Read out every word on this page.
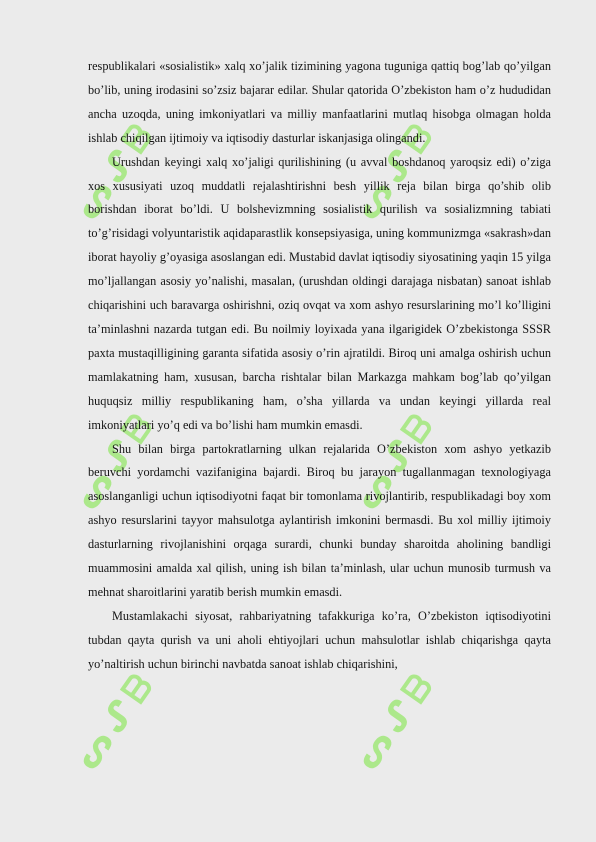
ᔕᔑᗷ	ᔕᔑᗷ
ᔕᔑᗷ	ᔕᔑᗷ
ᔕᔑᗷ	ᔕᔑᗷ

respublikalari «sosialistik» xalq xo’jalik tizimining yagona tuguniga qattiq bog’lab qo’yilgan bo’lib, uning irodasini so’zsiz bajarar edilar. Shular qatorida O’zbekiston ham o’z hududidan ancha uzoqda, uning imkoniyatlari va milliy manfaatlarini mutlaq hisobga olmagan holda ishlab chiqilgan ijtimoiy va iqtisodiy dasturlar iskanjasiga olingandi.

Urushdan keyingi xalq xo’jaligi qurilishining (u avval boshdanoq yaroqsiz edi) o’ziga xos xususiyati uzoq muddatli rejalashtirishni besh yillik reja bilan birga qo’shib olib borishdan iborat bo’ldi. U bolshevizmning sosialistik qurilish va sosializmning tabiati to’g’risidagi volyuntaristik aqidaparastlik konsepsiyasiga, uning kommunizmga «sakrash»dan iborat hayoliy g’oyasiga asoslangan edi. Mustabid davlat iqtisodiy siyosatining yaqin 15 yilga mo’ljallangan asosiy yo’nalishi, masalan, (urushdan oldingi darajaga nisbatan) sanoat ishlab chiqarishini uch baravarga oshirishni, oziq ovqat va xom ashyo resurslarining mo’l ko’lligini ta’minlashni nazarda tutgan edi. Bu noilmiy loyixada yana ilgarigidek O’zbekistonga SSSR paxta mustaqilligining garanta sifatida asosiy o’rin ajratildi. Biroq uni amalga oshirish uchun mamlakatning ham, xususan, barcha rishtalar bilan Markazga mahkam bog’lab qo’yilgan huquqsiz milliy respublikaning ham, o’sha yillarda va undan keyingi yillarda real imkoniyatlari yo’q edi va bo’lishi ham mumkin emasdi.

Shu bilan birga partokratlarning ulkan rejalarida O’zbekiston xom ashyo yetkazib beruvchi yordamchi vazifanigina bajardi. Biroq bu jarayon tugallanmagan texnologiyaga asoslanganligi uchun iqtisodiyotni faqat bir tomonlama rivojlantirib, respublikadagi boy xom ashyo resurslarini tayyor mahsulotga aylantirish imkonini bermasdi. Bu xol milliy ijtimoiy dasturlarning rivojlanishini orqaga surardi, chunki bunday sharoitda aholining bandligi muammosini amalda xal qilish, uning ish bilan ta’minlash, ular uchun munosib turmush va mehnat sharoitlarini yaratib berish mumkin emasdi.

Mustamlakachi siyosat, rahbariyatning tafakkuriga ko’ra, O’zbekiston iqtisodiyotini tubdan qayta qurish va uni aholi ehtiyojlari uchun mahsulotlar ishlab chiqarishga qayta yo’naltirish uchun birinchi navbatda sanoat ishlab chiqarishini,
